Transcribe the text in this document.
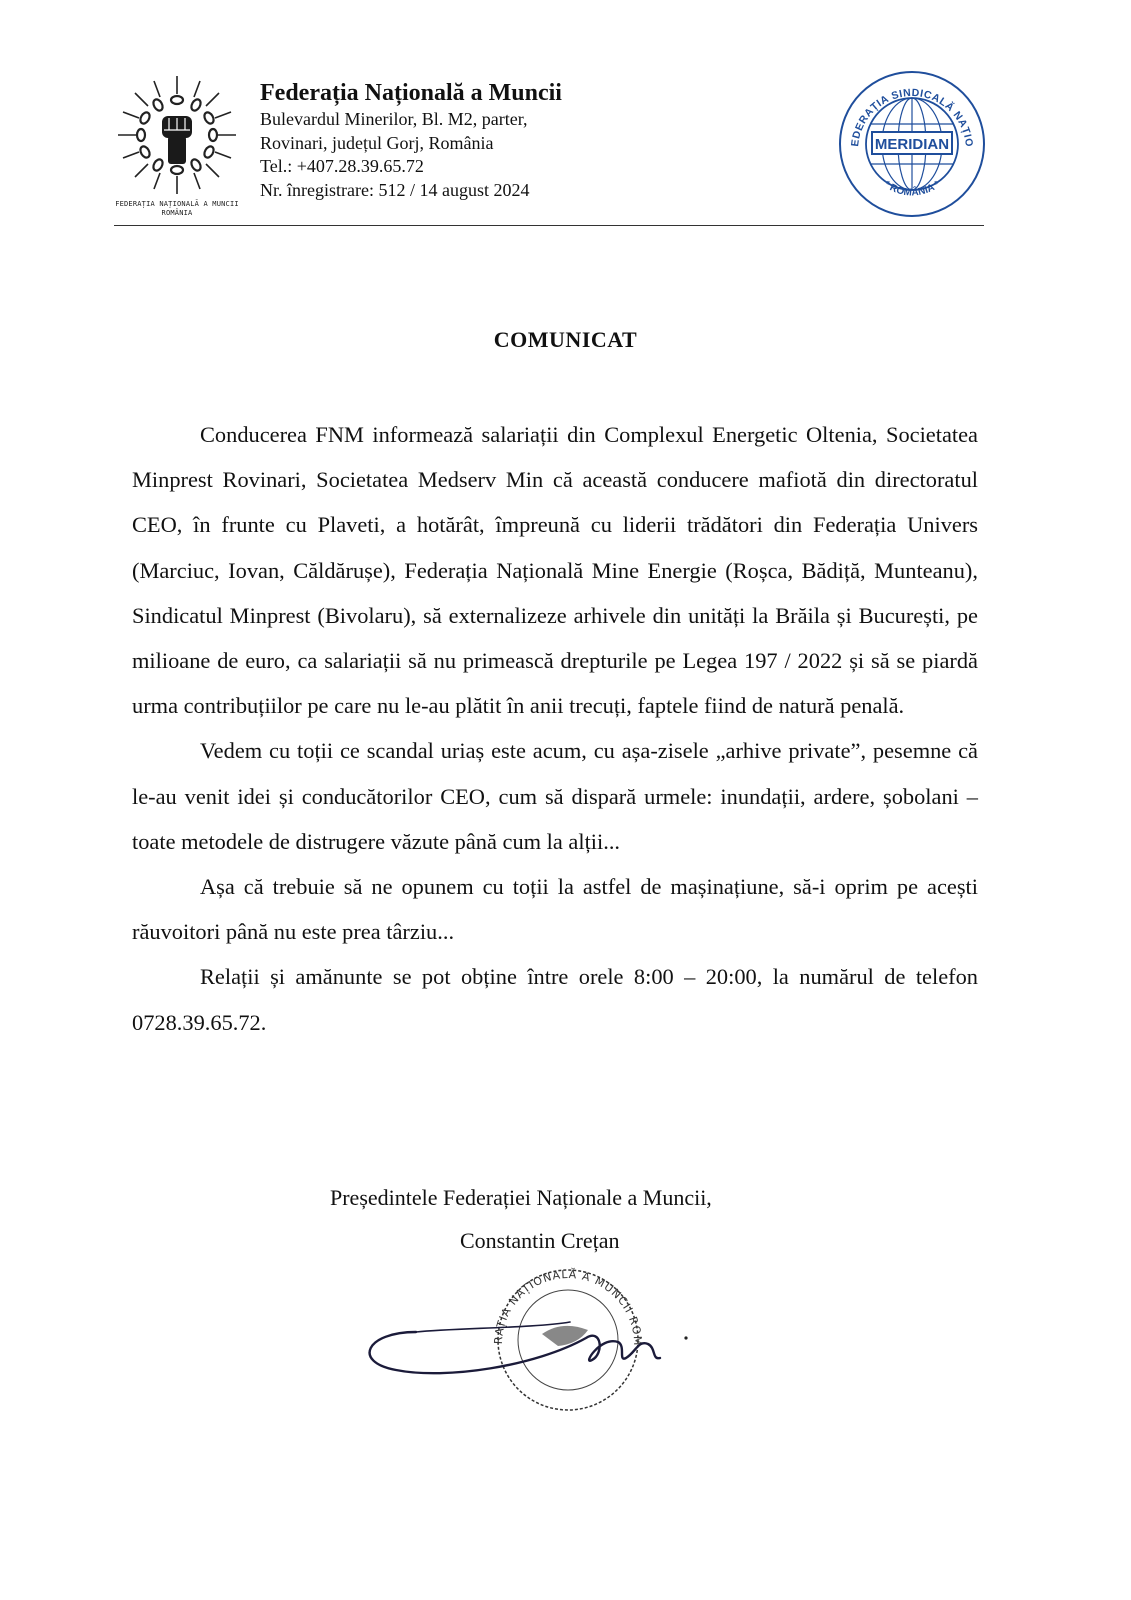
FEDERAȚIA NAȚIONALĂ A MUNCII
ROMÂNIA

Federația Națională a Muncii

Bulevardul Minerilor, Bl. M2, parter,

Rovinari, județul Gorj, România

Tel.: +407.28.39.65.72

Nr. înregistrare: 512 / 14 august 2024

MERIDIAN
EDERAȚIA SINDICALĂ NAȚIO
* ROMÂNIA *
COMUNICAT

Conducerea FNM informează salariații din Complexul Energetic Oltenia, Societatea Minprest Rovinari, Societatea Medserv Min că această conducere mafiotă din directoratul CEO, în frunte cu Plaveti, a hotărât, împreună cu liderii trădători din Federația Univers (Marciuc, Iovan, Căldărușe), Federația Națională Mine Energie (Roșca, Bădiță, Munteanu), Sindicatul Minprest (Bivolaru), să externalizeze arhivele din unități la Brăila și București, pe milioane de euro, ca salariații să nu primească drepturile pe Legea 197 / 2022 și să se piardă urma contribuțiilor pe care nu le-au plătit în anii trecuți, faptele fiind de natură penală.

Vedem cu toții ce scandal uriaș este acum, cu așa-zisele „arhive private”, pesemne că le-au venit idei și conducătorilor CEO, cum să dispară urmele: inundații, ardere, șobolani – toate metodele de distrugere văzute până cum la alții...

Așa că trebuie să ne opunem cu toții la astfel de mașinațiune, să-i oprim pe acești răuvoitori până nu este prea târziu...

Relații și amănunte se pot obține între orele 8:00 – 20:00, la numărul de telefon 0728.39.65.72.

Președintele Federației Naționale a Muncii,
Constantin Crețan
RAȚIA NAȚIONALĂ A MUNCII ROM
